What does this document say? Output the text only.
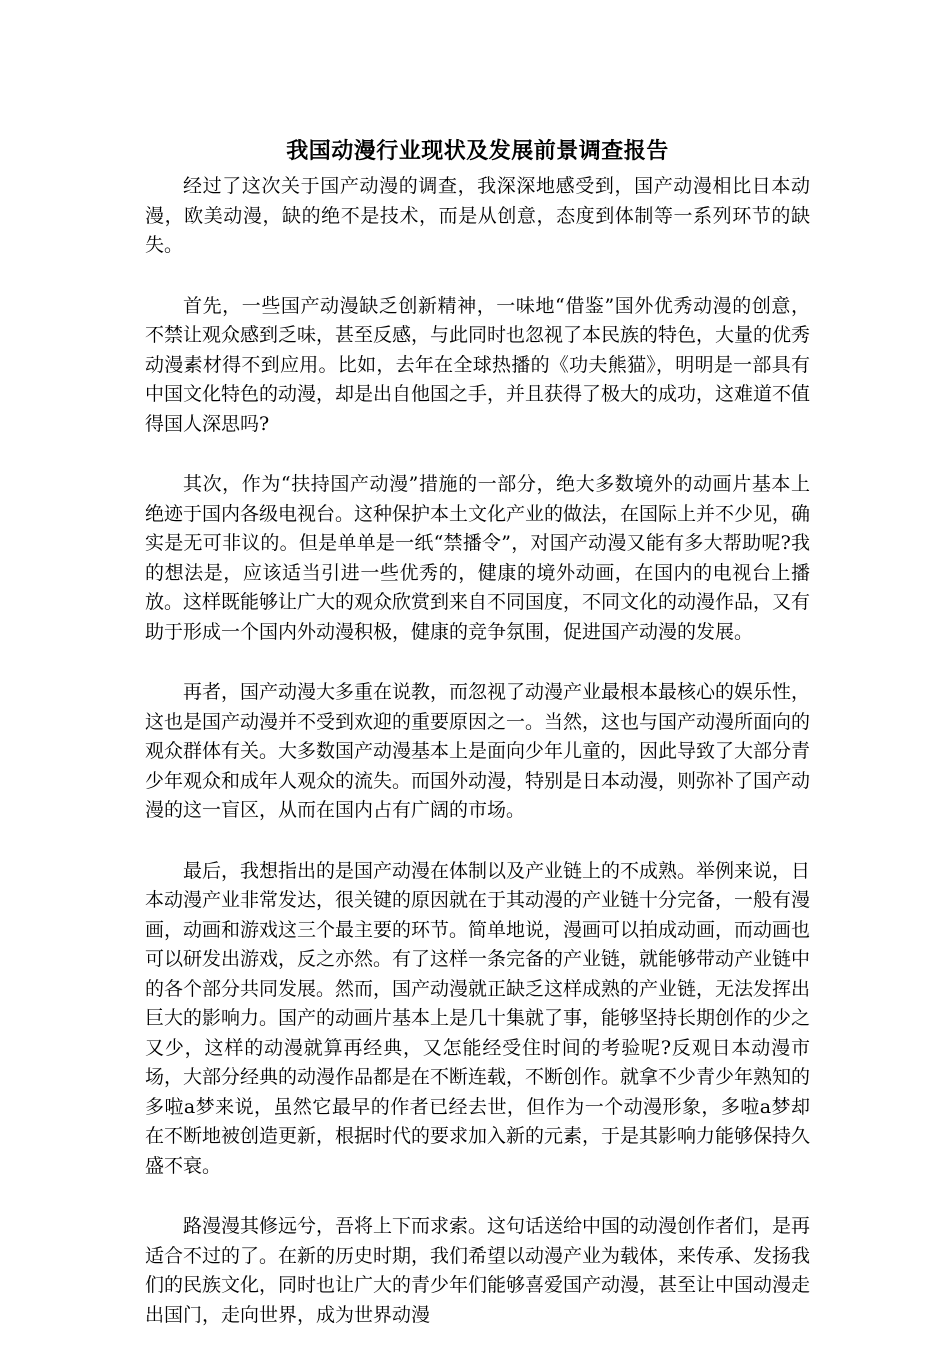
我国动漫行业现状及发展前景调查报告

经过了这次关于国产动漫的调查，我深深地感受到，国产动漫相比日本动漫，欧美动漫，缺的绝不是技术，而是从创意，态度到体制等一系列环节的缺失。

首先，一些国产动漫缺乏创新精神，一味地“借鉴”国外优秀动漫的创意，不禁让观众感到乏味，甚至反感，与此同时也忽视了本民族的特色，大量的优秀动漫素材得不到应用。比如，去年在全球热播的《功夫熊猫》，明明是一部具有中国文化特色的动漫，却是出自他国之手，并且获得了极大的成功，这难道不值得国人深思吗?

其次，作为“扶持国产动漫”措施的一部分，绝大多数境外的动画片基本上绝迹于国内各级电视台。这种保护本土文化产业的做法，在国际上并不少见，确实是无可非议的。但是单单是一纸“禁播令”，对国产动漫又能有多大帮助呢?我的想法是，应该适当引进一些优秀的，健康的境外动画，在国内的电视台上播放。这样既能够让广大的观众欣赏到来自不同国度，不同文化的动漫作品，又有助于形成一个国内外动漫积极，健康的竞争氛围，促进国产动漫的发展。

再者，国产动漫大多重在说教，而忽视了动漫产业最根本最核心的娱乐性，这也是国产动漫并不受到欢迎的重要原因之一。当然，这也与国产动漫所面向的观众群体有关。大多数国产动漫基本上是面向少年儿童的，因此导致了大部分青少年观众和成年人观众的流失。而国外动漫，特别是日本动漫，则弥补了国产动漫的这一盲区，从而在国内占有广阔的市场。

最后，我想指出的是国产动漫在体制以及产业链上的不成熟。举例来说，日本动漫产业非常发达，很关键的原因就在于其动漫的产业链十分完备，一般有漫画，动画和游戏这三个最主要的环节。简单地说，漫画可以拍成动画，而动画也可以研发出游戏，反之亦然。有了这样一条完备的产业链，就能够带动产业链中的各个部分共同发展。然而，国产动漫就正缺乏这样成熟的产业链，无法发挥出巨大的影响力。国产的动画片基本上是几十集就了事，能够坚持长期创作的少之又少，这样的动漫就算再经典，又怎能经受住时间的考验呢?反观日本动漫市场，大部分经典的动漫作品都是在不断连载，不断创作。就拿不少青少年熟知的多啦a梦来说，虽然它最早的作者已经去世，但作为一个动漫形象，多啦a梦却在不断地被创造更新，根据时代的要求加入新的元素，于是其影响力能够保持久盛不衰。

路漫漫其修远兮，吾将上下而求索。这句话送给中国的动漫创作者们，是再适合不过的了。在新的历史时期，我们希望以动漫产业为载体，来传承、发扬我们的民族文化，同时也让广大的青少年们能够喜爱国产动漫，甚至让中国动漫走出国门，走向世界，成为世界动漫
